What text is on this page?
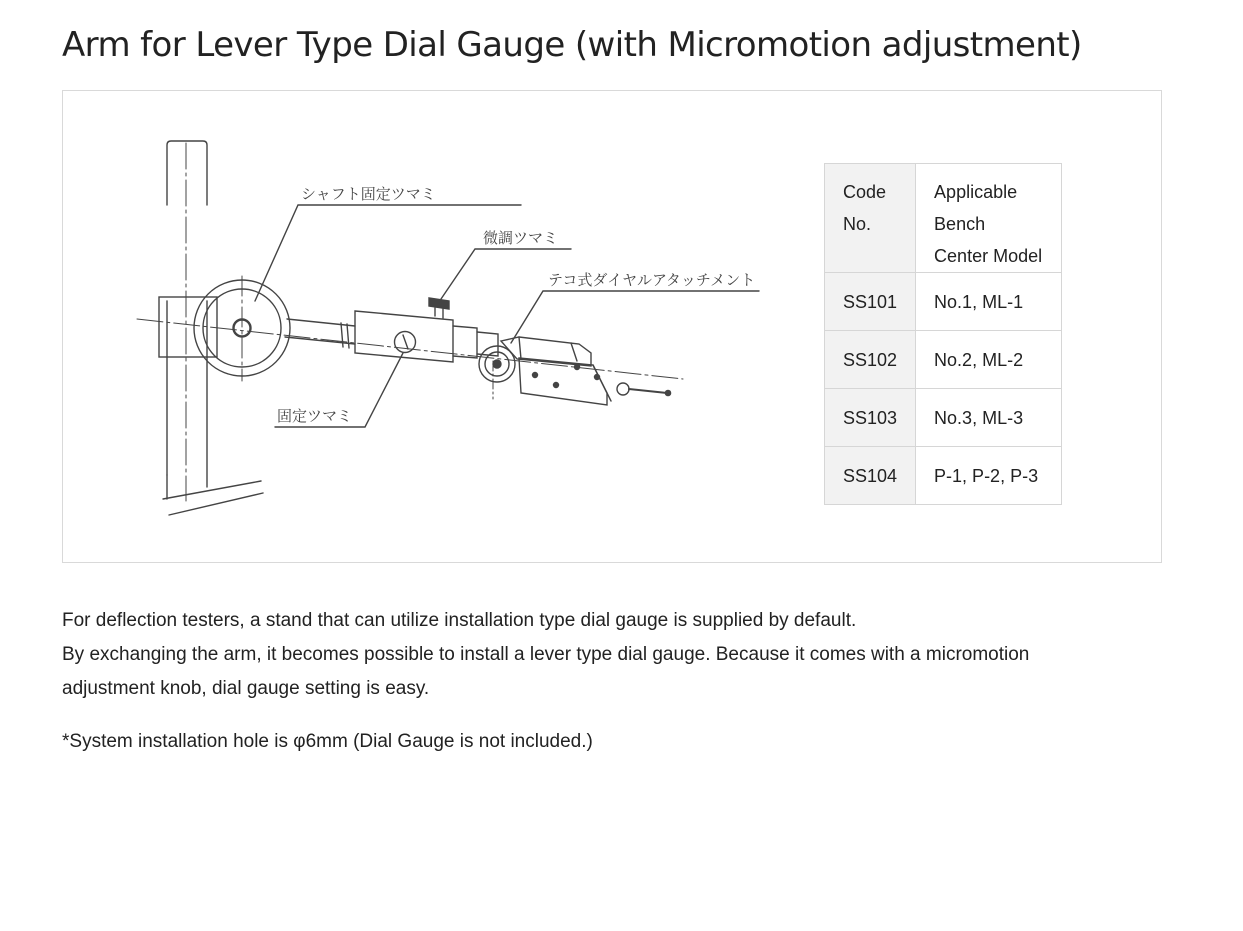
Arm for Lever Type Dial Gauge (with Micromotion adjustment)
シャフト固定ツマミ
微調ツマミ
テコ式ダイヤルアタッチメント
固定ツマミ
Code No.	Applicable Bench
Center Model
SS101	No.1, ML-1
SS102	No.2, ML-2
SS103	No.3, ML-3
SS104	P-1, P-2, P-3

For deflection testers, a stand that can utilize installation type dial gauge is supplied by default.
By exchanging the arm, it becomes possible to install a lever type dial gauge. Because it comes with a micromotion
adjustment knob, dial gauge setting is easy.

*System installation hole is φ6mm (Dial Gauge is not included.)
